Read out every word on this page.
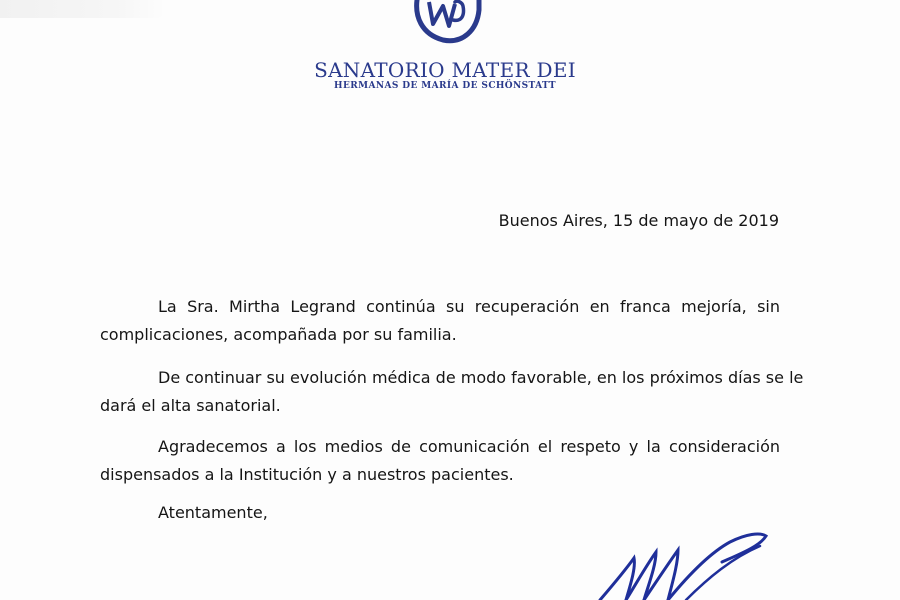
SANATORIO MATER DEI
HERMANAS DE MARÍA DE SCHÖNSTATT
Buenos Aires, 15 de mayo de 2019
La Sra. Mirtha Legrand continúa su recuperación en franca mejoría, sin
complicaciones, acompañada por su familia.
De continuar su evolución médica de modo favorable, en los próximos días se le
dará el alta sanatorial.
Agradecemos a los medios de comunicación el respeto y la consideración
dispensados a la Institución y a nuestros pacientes.
Atentamente,
